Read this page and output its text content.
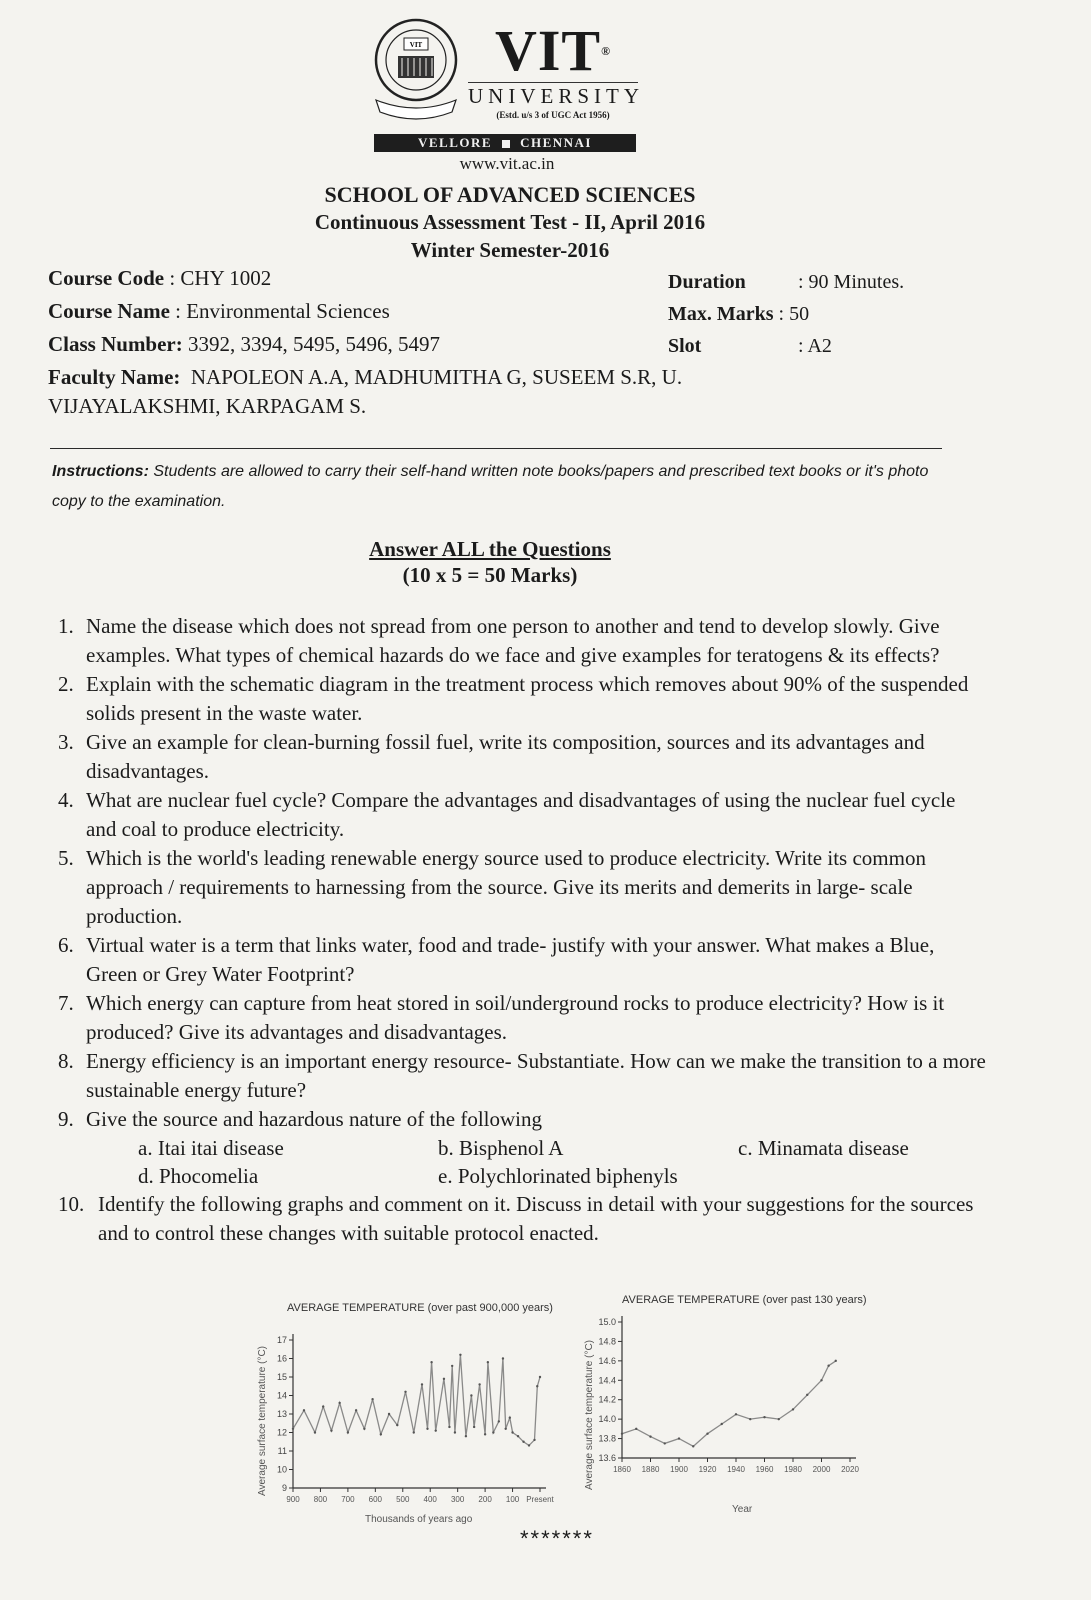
VIT	VIT®
UNIVERSITY
(Estd. u/s 3 of UGC Act 1956)
VELLORE CHENNAI
www.vit.ac.in
SCHOOL OF ADVANCED SCIENCES
Continuous Assessment Test - II, April 2016
Winter Semester-2016
Course Code : CHY 1002
Course Name : Environmental Sciences
Class Number: 3392, 3394, 5495, 5496, 5497
Faculty Name: NAPOLEON A.A, MADHUMITHA G, SUSEEM S.R, U.
VIJAYALAKSHMI, KARPAGAM S.
Duration	: 90 Minutes.
Max. Marks : 50
Slot	: A2
Instructions: Students are allowed to carry their self-hand written note books/papers and prescribed text books or it's photo copy to the examination.
Answer ALL the Questions
(10 x 5 = 50 Marks)
1. Name the disease which does not spread from one person to another and tend to develop slowly. Give examples. What types of chemical hazards do we face and give examples for teratogens & its effects?
2. Explain with the schematic diagram in the treatment process which removes about 90% of the suspended solids present in the waste water.
3. Give an example for clean-burning fossil fuel, write its composition, sources and its advantages and disadvantages.
4. What are nuclear fuel cycle? Compare the advantages and disadvantages of using the nuclear fuel cycle and coal to produce electricity.
5. Which is the world's leading renewable energy source used to produce electricity. Write its common approach / requirements to harnessing from the source. Give its merits and demerits in large- scale production.
6. Virtual water is a term that links water, food and trade- justify with your answer. What makes a Blue, Green or Grey Water Footprint?
7. Which energy can capture from heat stored in soil/underground rocks to produce electricity? How is it produced? Give its advantages and disadvantages.
8. Energy efficiency is an important energy resource- Substantiate. How can we make the transition to a more sustainable energy future?
9. Give the source and hazardous nature of the following
a. Itai itai disease	b. Bisphenol A	c. Minamata disease
d. Phocomelia	e. Polychlorinated biphenyls
10. Identify the following graphs and comment on it. Discuss in detail with your suggestions for the sources and to control these changes with suitable protocol enacted.
AVERAGE TEMPERATURE (over past 900,000 years)
Average surface temperature (°C)
17
16
15
14
13
12
11
10
9
900 800 700 600 500 400 300 200 100 Present
Thousands of years ago
AVERAGE TEMPERATURE (over past 130 years)
Average surface temperature (°C)
15.0
14.8
14.6
14.4
14.2
14.0
13.8
13.6
1860 1880 1900 1920 1940 1960 1980 2000 2020
Year
*******
